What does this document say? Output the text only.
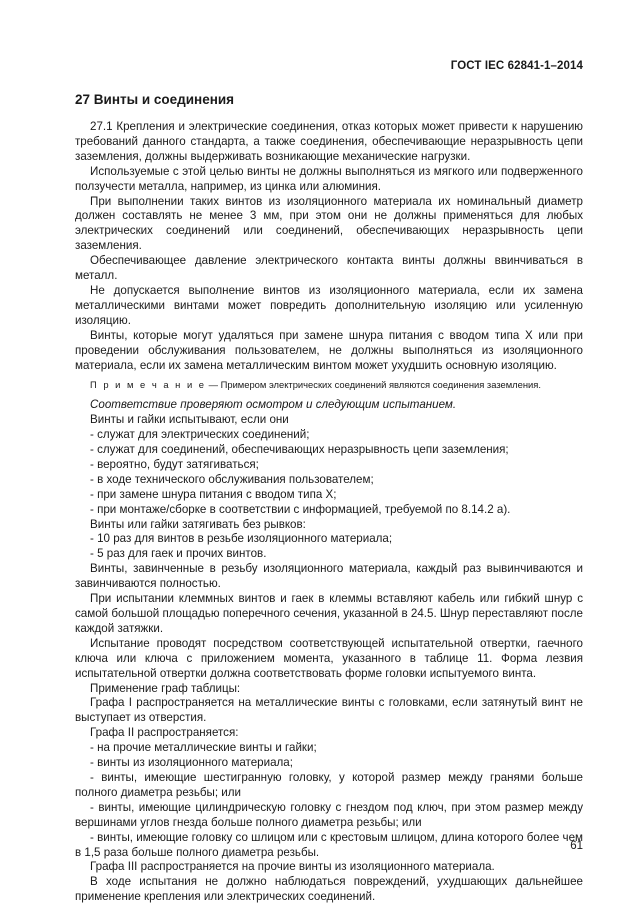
ГОСТ IEC 62841-1–2014
27 Винты и соединения

27.1 Крепления и электрические соединения, отказ которых может привести к нарушению требований данного стандарта, а также соединения, обеспечивающие неразрывность цепи заземления, должны выдерживать возникающие механические нагрузки.

Используемые с этой целью винты не должны выполняться из мягкого или подверженного ползучести металла, например, из цинка или алюминия.

При выполнении таких винтов из изоляционного материала их номинальный диаметр должен составлять не менее 3 мм, при этом они не должны применяться для любых электрических соединений или соединений, обеспечивающих неразрывность цепи заземления.

Обеспечивающее давление электрического контакта винты должны ввинчиваться в металл.

Не допускается выполнение винтов из изоляционного материала, если их замена металлическими винтами может повредить дополнительную изоляцию или усиленную изоляцию.

Винты, которые могут удаляться при замене шнура питания с вводом типа X или при проведении обслуживания пользователем, не должны выполняться из изоляционного материала, если их замена металлическим винтом может ухудшить основную изоляцию.

П р и м е ч а н и е — Примером электрических соединений являются соединения заземления.

Соответствие проверяют осмотром и следующим испытанием.

Винты и гайки испытывают, если они

- служат для электрических соединений;

- служат для соединений, обеспечивающих неразрывность цепи заземления;

- вероятно, будут затягиваться;

- в ходе технического обслуживания пользователем;

- при замене шнура питания с вводом типа X;

- при монтаже/сборке в соответствии с информацией, требуемой по 8.14.2 а).

Винты или гайки затягивать без рывков:

- 10 раз для винтов в резьбе изоляционного материала;

- 5 раз для гаек и прочих винтов.

Винты, завинченные в резьбу изоляционного материала, каждый раз вывинчиваются и завинчиваются полностью.

При испытании клеммных винтов и гаек в клеммы вставляют кабель или гибкий шнур с самой большой площадью поперечного сечения, указанной в 24.5. Шнур переставляют после каждой затяжки.

Испытание проводят посредством соответствующей испытательной отвертки, гаечного ключа или ключа с приложением момента, указанного в таблице 11. Форма лезвия испытательной отвертки должна соответствовать форме головки испытуемого винта.

Применение граф таблицы:

Графа I распространяется на металлические винты с головками, если затянутый винт не выступает из отверстия.

Графа II распространяется:

- на прочие металлические винты и гайки;

- винты из изоляционного материала;

- винты, имеющие шестигранную головку, у которой размер между гранями больше полного диаметра резьбы; или

- винты, имеющие цилиндрическую головку с гнездом под ключ, при этом размер между вершинами углов гнезда больше полного диаметра резьбы; или

- винты, имеющие головку со шлицом или с крестовым шлицом, длина которого более чем в 1,5 раза больше полного диаметра резьбы.

Графа III распространяется на прочие винты из изоляционного материала.

В ходе испытания не должно наблюдаться повреждений, ухудшающих дальнейшее применение крепления или электрических соединений.

61
